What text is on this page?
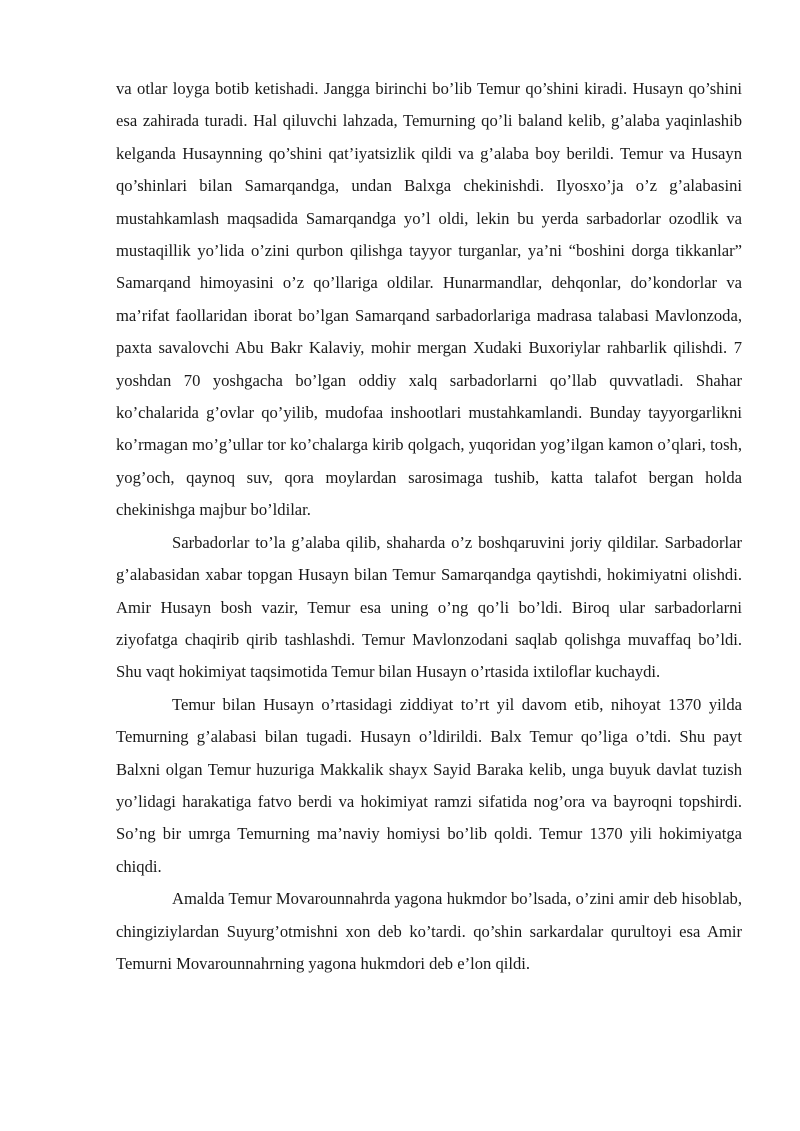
va otlar loyga botib ketishadi. Jangga birinchi bo’lib Temur qo’shini kiradi. Husayn qo’shini esa zahirada turadi. Hal qiluvchi lahzada, Temurning qo’li baland kelib, g’alaba yaqinlashib kelganda Husaynning qo’shini qat’iyatsizlik qildi va g’alaba boy berildi. Temur va Husayn qo’shinlari bilan Samarqandga, undan Balxga chekinishdi. Ilyosxo’ja o’z g’alabasini mustahkamlash maqsadida Samarqandga yo’l oldi, lekin bu yerda sarbadorlar ozodlik va mustaqillik yo’lida o’zini qurbon qilishga tayyor turganlar, ya’ni “boshini dorga tikkanlar” Samarqand himoyasini o’z qo’llariga oldilar. Hunarmandlar, dehqonlar, do’kondorlar va ma’rifat faollaridan iborat bo’lgan Samarqand sarbadorlariga madrasa talabasi Mavlonzoda, paxta savalovchi Abu Bakr Kalaviy, mohir mergan Xudaki Buxoriylar rahbarlik qilishdi. 7 yoshdan 70 yoshgacha bo’lgan oddiy xalq sarbadorlarni qo’llab quvvatladi. Shahar ko’chalarida g’ovlar qo’yilib, mudofaa inshootlari mustahkamlandi. Bunday tayyorgarlikni ko’rmagan mo’g’ullar tor ko’chalarga kirib qolgach, yuqoridan yog’ilgan kamon o’qlari, tosh, yog’och, qaynoq suv, qora moylardan sarosimaga tushib, katta talafot bergan holda chekinishga majbur bo’ldilar.

Sarbadorlar to’la g’alaba qilib, shaharda o’z boshqaruvini joriy qildilar. Sarbadorlar g’alabasidan xabar topgan Husayn bilan Temur Samarqandga qaytishdi, hokimiyatni olishdi. Amir Husayn bosh vazir, Temur esa uning o’ng qo’li bo’ldi. Biroq ular sarbadorlarni ziyofatga chaqirib qirib tashlashdi. Temur Mavlonzodani saqlab qolishga muvaffaq bo’ldi. Shu vaqt hokimiyat taqsimotida Temur bilan Husayn o’rtasida ixtiloflar kuchaydi.

Temur bilan Husayn o’rtasidagi ziddiyat to’rt yil davom etib, nihoyat 1370 yilda Temurning g’alabasi bilan tugadi. Husayn o’ldirildi. Balx Temur qo’liga o’tdi. Shu payt Balxni olgan Temur huzuriga Makkalik shayx Sayid Baraka kelib, unga buyuk davlat tuzish yo’lidagi harakatiga fatvo berdi va hokimiyat ramzi sifatida nog’ora va bayroqni topshirdi. So’ng bir umrga Temurning ma’naviy homiysi bo’lib qoldi. Temur 1370 yili hokimiyatga chiqdi.

Amalda Temur Movarounnahrda yagona hukmdor bo’lsada, o’zini amir deb hisoblab, chingiziylardan Suyurg’otmishni xon deb ko’tardi. qo’shin sarkardalar qurultoyi esa Amir Temurni Movarounnahrning yagona hukmdori deb e’lon qildi.
